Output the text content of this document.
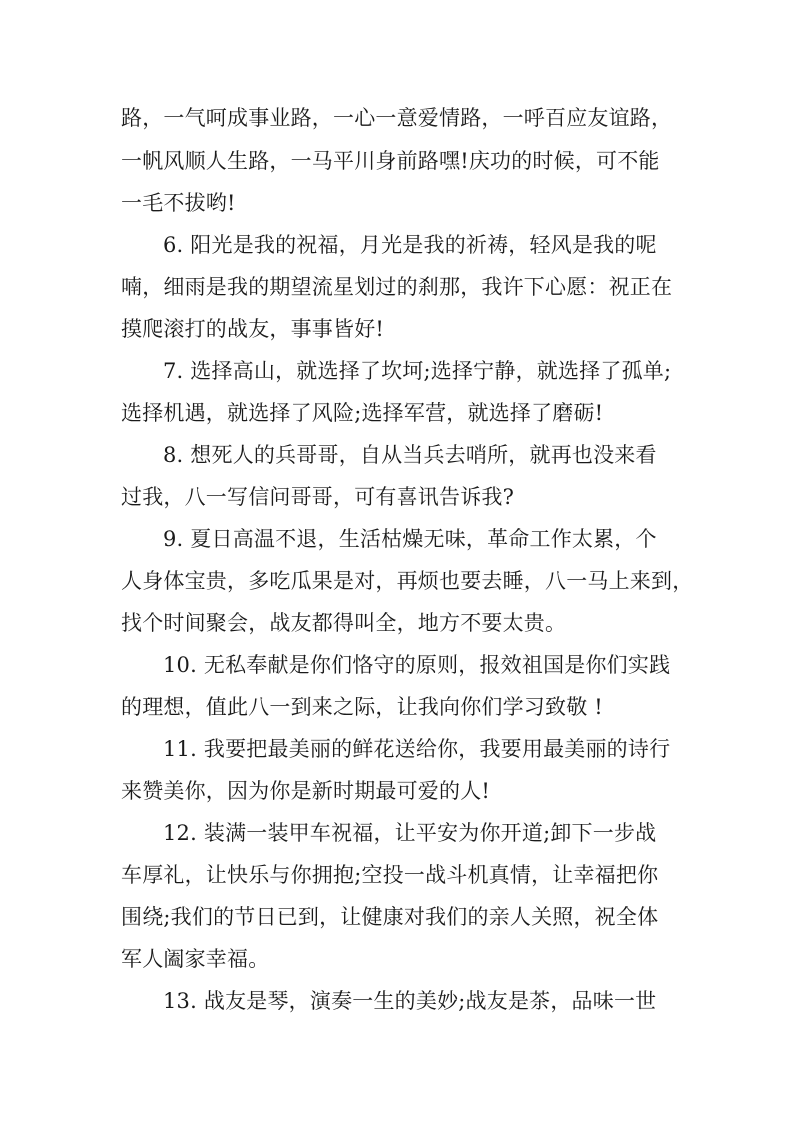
路，一气呵成事业路，一心一意爱情路，一呼百应友谊路，

一帆风顺人生路，一马平川身前路嘿!庆功的时候，可不能

一毛不拔哟!

6. 阳光是我的祝福，月光是我的祈祷，轻风是我的呢

喃，细雨是我的期望流星划过的刹那，我许下心愿：祝正在

摸爬滚打的战友，事事皆好!

7. 选择高山，就选择了坎坷;选择宁静，就选择了孤单;

选择机遇，就选择了风险;选择军营，就选择了磨砺!

8. 想死人的兵哥哥，自从当兵去哨所，就再也没来看

过我，八一写信问哥哥，可有喜讯告诉我?

9. 夏日高温不退，生活枯燥无味，革命工作太累，个

人身体宝贵，多吃瓜果是对，再烦也要去睡，八一马上来到，

找个时间聚会，战友都得叫全，地方不要太贵。

10. 无私奉献是你们恪守的原则，报效祖国是你们实践

的理想，值此八一到来之际，让我向你们学习致敬 !

11. 我要把最美丽的鲜花送给你，我要用最美丽的诗行

来赞美你，因为你是新时期最可爱的人!

12. 装满一装甲车祝福，让平安为你开道;卸下一步战

车厚礼，让快乐与你拥抱;空投一战斗机真情，让幸福把你

围绕;我们的节日已到，让健康对我们的亲人关照，祝全体

军人阖家幸福。

13. 战友是琴，演奏一生的美妙;战友是茶，品味一世
